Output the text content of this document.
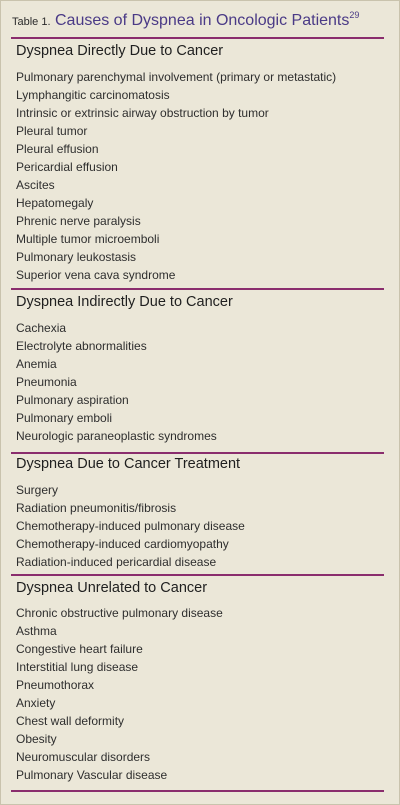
Table 1. Causes of Dyspnea in Oncologic Patients$^{29}$
Dyspnea Directly Due to Cancer
Pulmonary parenchymal involvement (primary or metastatic)
Lymphangitic carcinomatosis
Intrinsic or extrinsic airway obstruction by tumor
Pleural tumor
Pleural effusion
Pericardial effusion
Ascites
Hepatomegaly
Phrenic nerve paralysis
Multiple tumor microemboli
Pulmonary leukostasis
Superior vena cava syndrome
Dyspnea Indirectly Due to Cancer
Cachexia
Electrolyte abnormalities
Anemia
Pneumonia
Pulmonary aspiration
Pulmonary emboli
Neurologic paraneoplastic syndromes
Dyspnea Due to Cancer Treatment
Surgery
Radiation pneumonitis/fibrosis
Chemotherapy-induced pulmonary disease
Chemotherapy-induced cardiomyopathy
Radiation-induced pericardial disease
Dyspnea Unrelated to Cancer
Chronic obstructive pulmonary disease
Asthma
Congestive heart failure
Interstitial lung disease
Pneumothorax
Anxiety
Chest wall deformity
Obesity
Neuromuscular disorders
Pulmonary Vascular disease
